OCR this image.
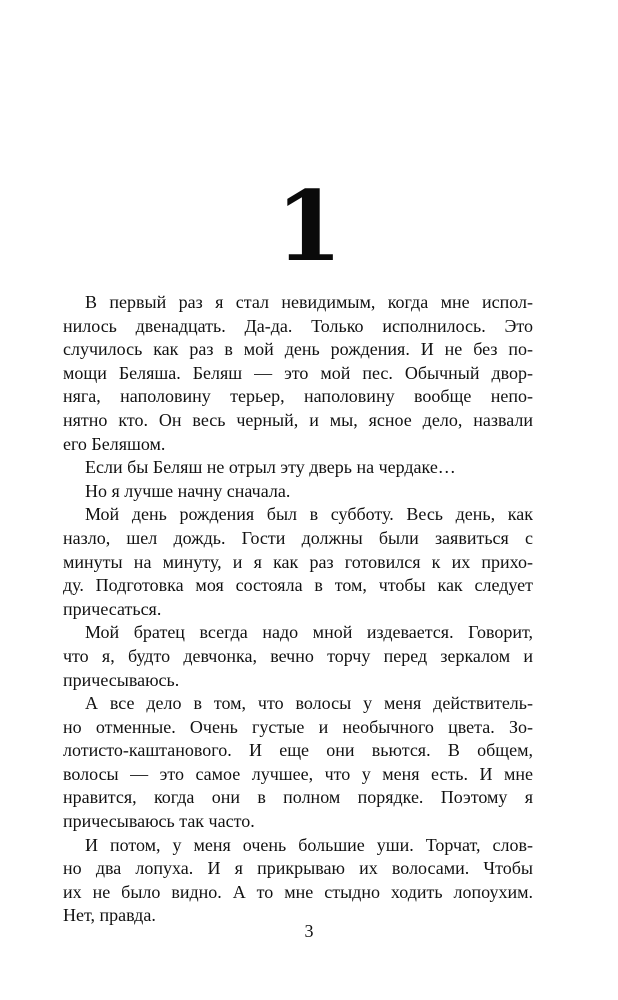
1
В первый раз я стал невидимым, когда мне испол-
нилось двенадцать. Да-да. Только исполнилось. Это
случилось как раз в мой день рождения. И не без по-
мощи Беляша. Беляш — это мой пес. Обычный двор-
няга, наполовину терьер, наполовину вообще непо-
нятно кто. Он весь черный, и мы, ясное дело, назвали
его Беляшом.
Если бы Беляш не отрыл эту дверь на чердаке…
Но я лучше начну сначала.
Мой день рождения был в субботу. Весь день, как
назло, шел дождь. Гости должны были заявиться с
минуты на минуту, и я как раз готовился к их прихо-
ду. Подготовка моя состояла в том, чтобы как следует
причесаться.
Мой братец всегда надо мной издевается. Говорит,
что я, будто девчонка, вечно торчу перед зеркалом и
причесываюсь.
А все дело в том, что волосы у меня действитель-
но отменные. Очень густые и необычного цвета. Зо-
лотисто-каштанового. И еще они вьются. В общем,
волосы — это самое лучшее, что у меня есть. И мне
нравится, когда они в полном порядке. Поэтому я
причесываюсь так часто.
И потом, у меня очень большие уши. Торчат, слов-
но два лопуха. И я прикрываю их волосами. Чтобы
их не было видно. А то мне стыдно ходить лопоухим.
Нет, правда.
3
